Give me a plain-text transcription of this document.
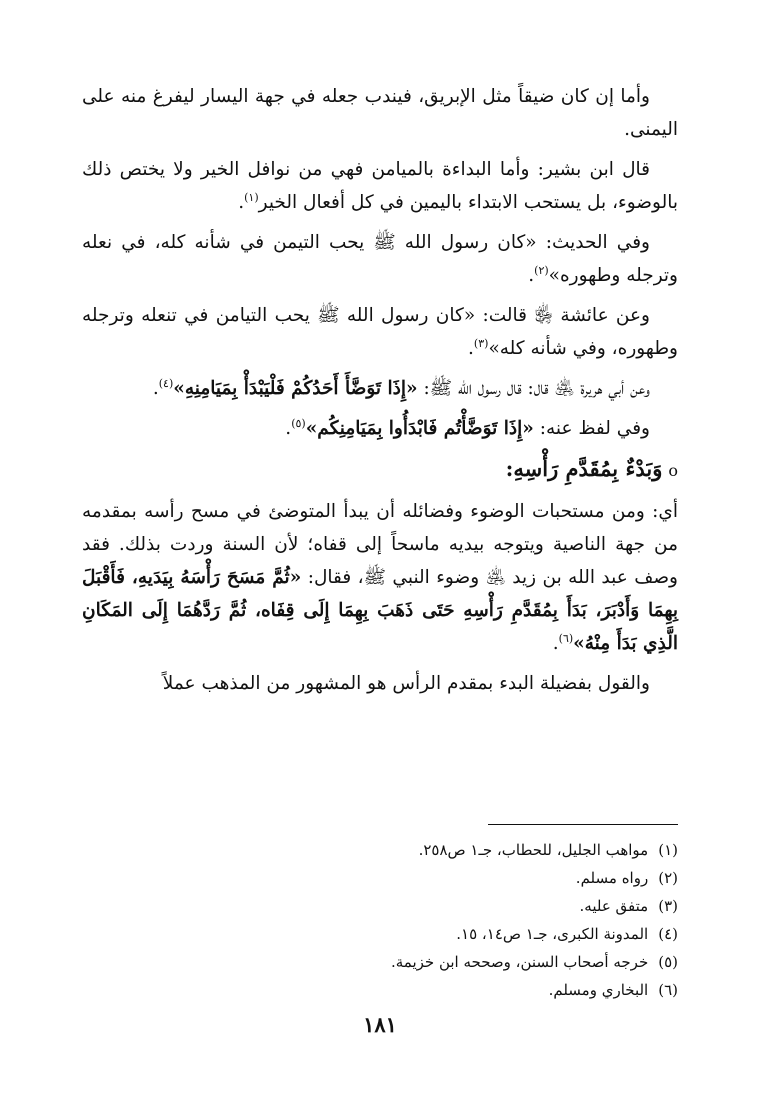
وأما إن كان ضيقاً مثل الإبريق، فيندب جعله في جهة اليسار ليفرغ منه على اليمنى.

قال ابن بشير: وأما البداءة بالميامن فهي من نوافل الخير ولا يختص ذلك بالوضوء، بل يستحب الابتداء باليمين في كل أفعال الخير$^{(١)}$.

وفي الحديث: «كان رسول الله ﷺ يحب التيمن في شأنه كله، في نعله وترجله وطهوره»$^{(٢)}$.

وعن عائشة ﵂ قالت: «كان رسول الله ﷺ يحب التيامن في تنعله وترجله وطهوره، وفي شأنه كله»$^{(٣)}$.

وعن أبي هريرة ﵁ قال: قال رسول الله ﷺ: «إِذَا تَوَضَّأَ أَحَدُكُمْ فَلْيَبْدَأْ بِمَيَامِنِهِ»$^{(٤)}$.

وفي لفظ عنه: «إِذَا تَوَضَّأْتُم فَابْدَأُوا بِمَيَامِنِكُم»$^{(٥)}$.

oوَبَدْءٌ بِمُقَدَّمِ رَأْسِهِ:

أي: ومن مستحبات الوضوء وفضائله أن يبدأ المتوضئ في مسح رأسه بمقدمه من جهة الناصية ويتوجه بيديه ماسحاً إلى قفاه؛ لأن السنة وردت بذلك. فقد وصف عبد الله بن زيد ﵁ وضوء النبي ﷺ، فقال: «ثُمَّ مَسَحَ رَأْسَهُ بِيَدَيهِ، فَأَقْبَلَ بِهِمَا وَأَدْبَرَ، بَدَأَ بِمُقَدَّمِ رَأْسِهِ حَتَى ذَهَبَ بِهِمَا إِلَى قِفَاه، ثُمَّ رَدَّهُمَا إِلَى المَكَانِ الَّذِي بَدَأَ مِنْهُ»$^{(٦)}$.

والقول بفضيلة البدء بمقدم الرأس هو المشهور من المذهب عملاً

(١)مواهب الجليل، للحطاب، جـ١ ص٢٥٨.
(٢)رواه مسلم.
(٣)متفق عليه.
(٤)المدونة الكبرى، جـ١ ص١٤، ١٥.
(٥)خرجه أصحاب السنن، وصححه ابن خزيمة.
(٦)البخاري ومسلم.
١٨١
